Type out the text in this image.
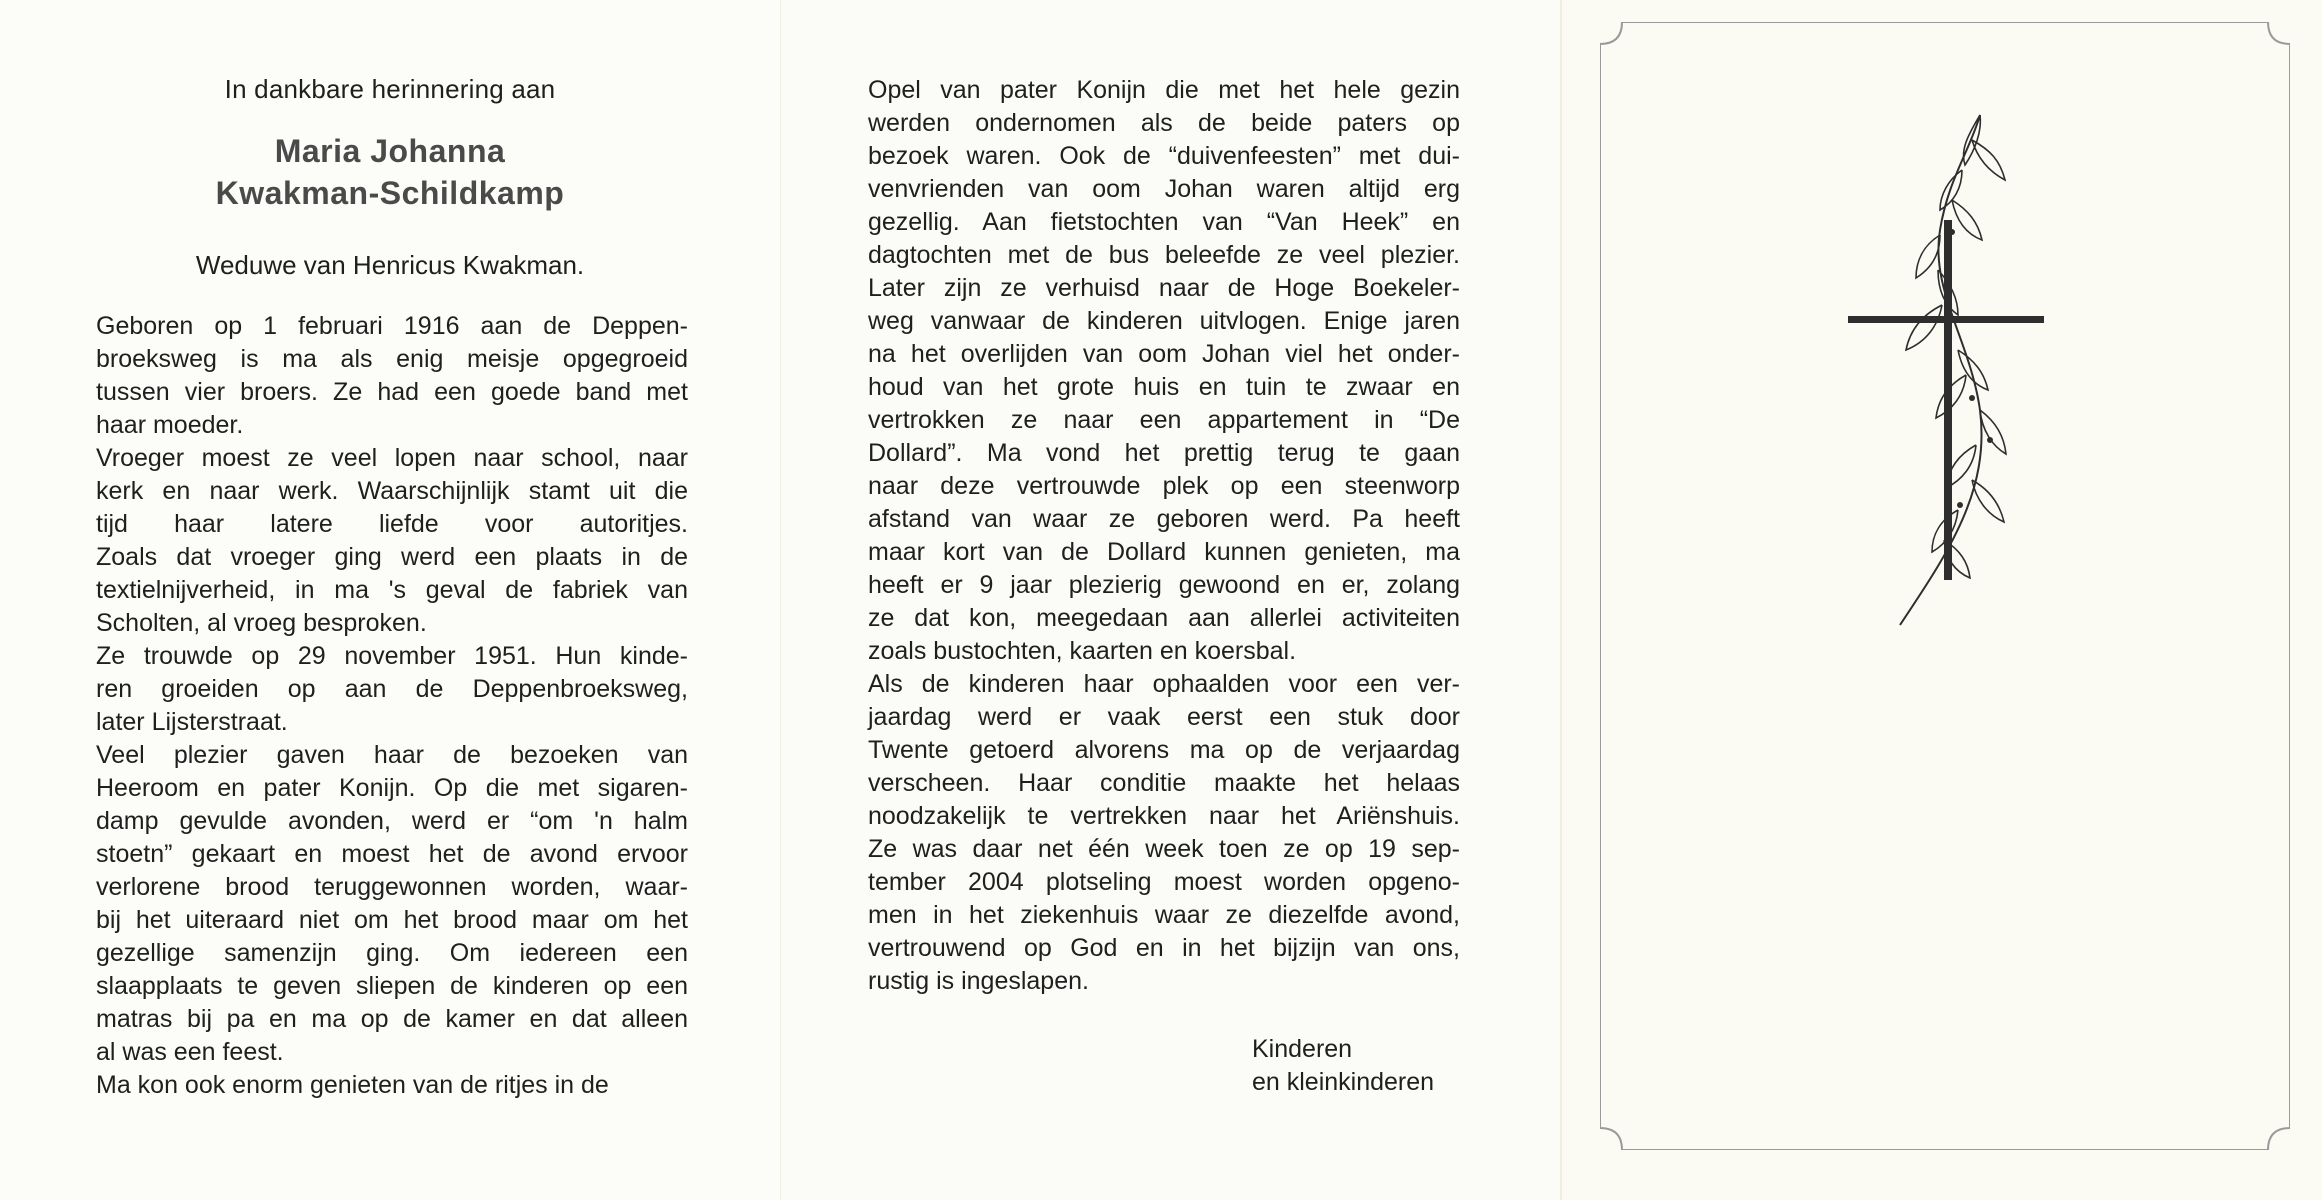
In dankbare herinnering aan
Maria Johanna
Kwakman-Schildkamp
Weduwe van Henricus Kwakman.
Geboren op 1 februari 1916 aan de Deppen-
broeksweg is ma als enig meisje opgegroeid
tussen vier broers. Ze had een goede band met
haar moeder.
Vroeger moest ze veel lopen naar school, naar
kerk en naar werk. Waarschijnlijk stamt uit die
tijd haar latere liefde voor autoritjes.
Zoals dat vroeger ging werd een plaats in de
textielnijverheid, in ma 's geval de fabriek van
Scholten, al vroeg besproken.
Ze trouwde op 29 november 1951. Hun kinde-
ren groeiden op aan de Deppenbroeksweg,
later Lijsterstraat.
Veel plezier gaven haar de bezoeken van
Heeroom en pater Konijn. Op die met sigaren-
damp gevulde avonden, werd er “om 'n halm
stoetn” gekaart en moest het de avond ervoor
verlorene brood teruggewonnen worden, waar-
bij het uiteraard niet om het brood maar om het
gezellige samenzijn ging. Om iedereen een
slaapplaats te geven sliepen de kinderen op een
matras bij pa en ma op de kamer en dat alleen
al was een feest.
Ma kon ook enorm genieten van de ritjes in de
Opel van pater Konijn die met het hele gezin
werden ondernomen als de beide paters op
bezoek waren. Ook de “duivenfeesten” met dui-
venvrienden van oom Johan waren altijd erg
gezellig. Aan fietstochten van “Van Heek” en
dagtochten met de bus beleefde ze veel plezier.
Later zijn ze verhuisd naar de Hoge Boekeler-
weg vanwaar de kinderen uitvlogen. Enige jaren
na het overlijden van oom Johan viel het onder-
houd van het grote huis en tuin te zwaar en
vertrokken ze naar een appartement in “De
Dollard”. Ma vond het prettig terug te gaan
naar deze vertrouwde plek op een steenworp
afstand van waar ze geboren werd. Pa heeft
maar kort van de Dollard kunnen genieten, ma
heeft er 9 jaar plezierig gewoond en er, zolang
ze dat kon, meegedaan aan allerlei activiteiten
zoals bustochten, kaarten en koersbal.
Als de kinderen haar ophaalden voor een ver-
jaardag werd er vaak eerst een stuk door
Twente getoerd alvorens ma op de verjaardag
verscheen. Haar conditie maakte het helaas
noodzakelijk te vertrekken naar het Ariënshuis.
Ze was daar net één week toen ze op 19 sep-
tember 2004 plotseling moest worden opgeno-
men in het ziekenhuis waar ze diezelfde avond,
vertrouwend op God en in het bijzijn van ons,
rustig is ingeslapen.
Kinderen
en kleinkinderen
